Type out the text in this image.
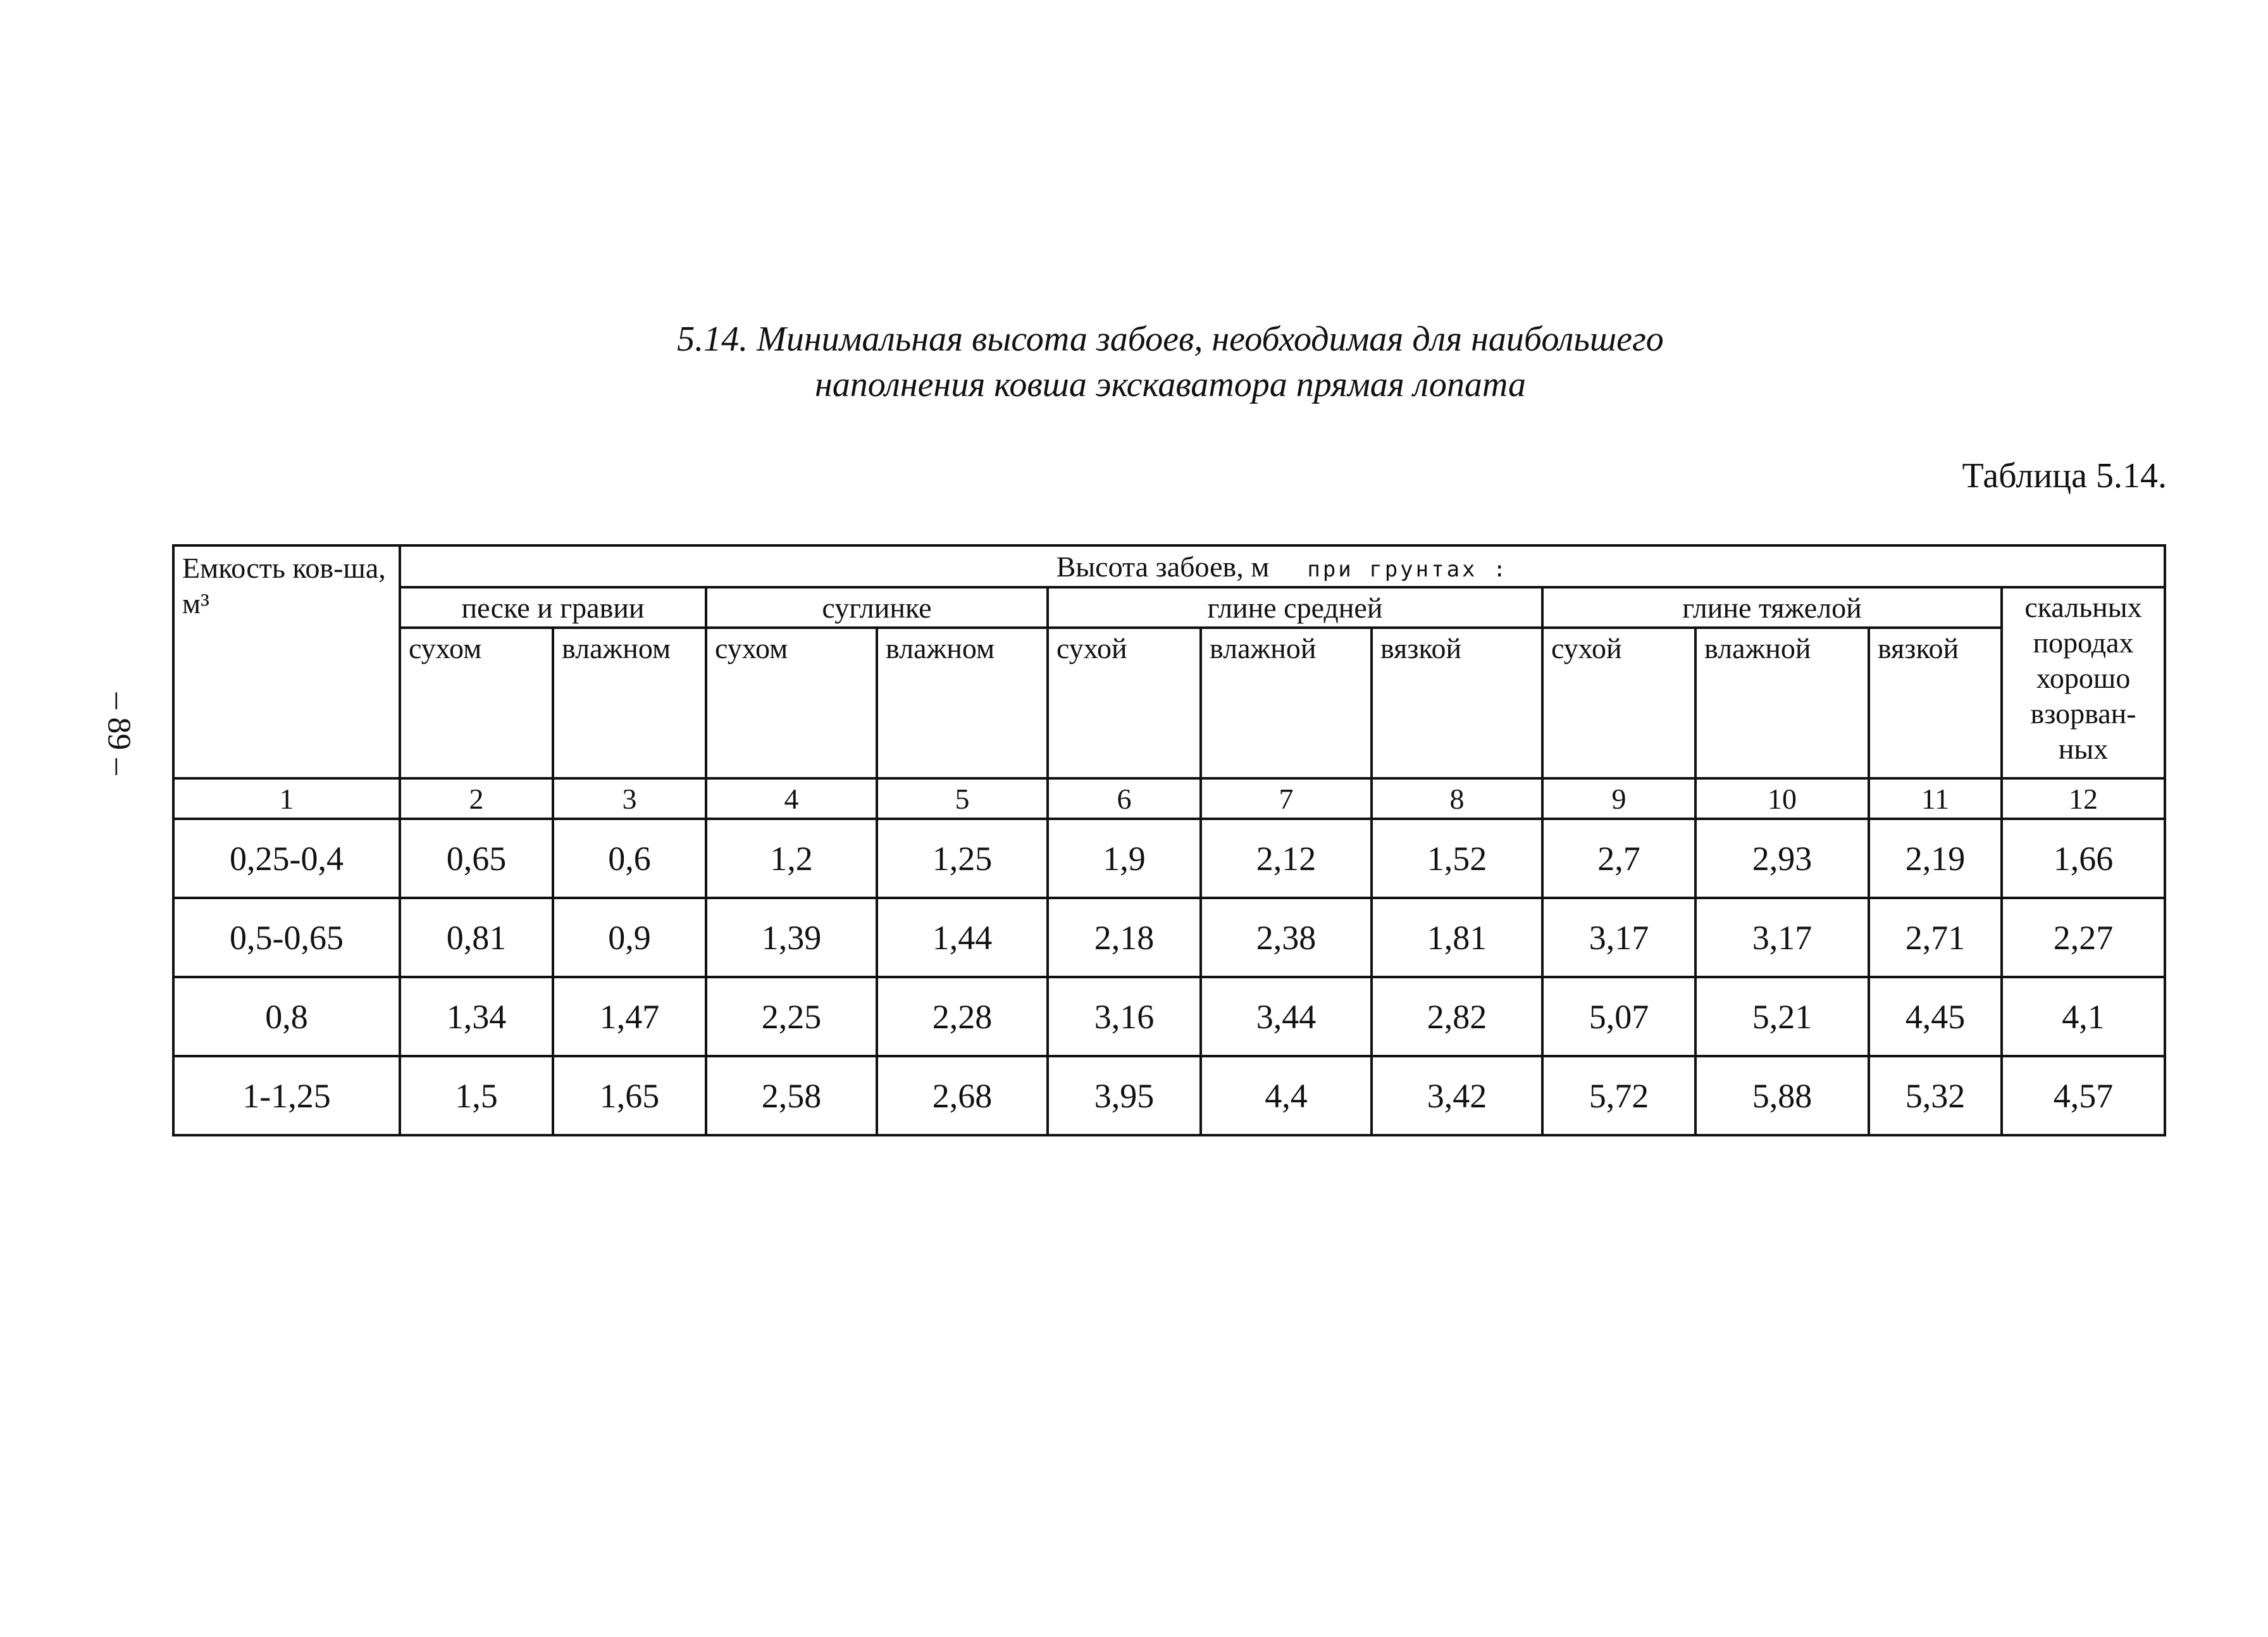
5.14. Минимальная высота забоев, необходимая для наибольшего
наполнения ковша экскаватора прямая лопата
Таблица 5.14.
– 89 –
Емкость ков-ша, м³	Высота забоев, м при грунтах :										
	песке и гравии		суглинке		глине средней			глине тяжелой			скальных породах хорошо взорван-ных
	сухом	влажном	сухом	влажном	сухой	влажной	вязкой	сухой	влажной	вязкой	
1	2	3	4	5	6	7	8	9	10	11	12
0,25-0,4	0,65	0,6	1,2	1,25	1,9	2,12	1,52	2,7	2,93	2,19	1,66
0,5-0,65	0,81	0,9	1,39	1,44	2,18	2,38	1,81	3,17	3,17	2,71	2,27
0,8	1,34	1,47	2,25	2,28	3,16	3,44	2,82	5,07	5,21	4,45	4,1
1-1,25	1,5	1,65	2,58	2,68	3,95	4,4	3,42	5,72	5,88	5,32	4,57
